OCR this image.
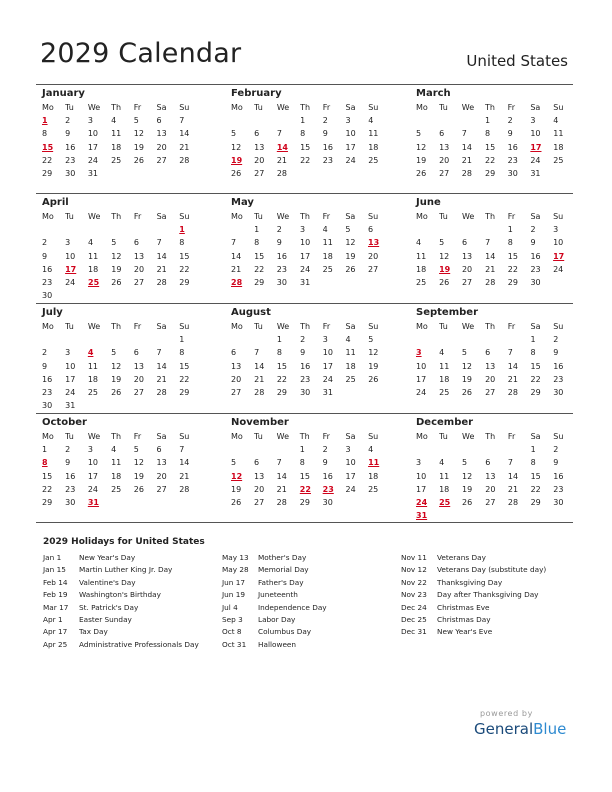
2029 Calendar	United States
January
Mo	Tu	We	Th	Fr	Sa	Su
1	2	3	4	5	6	7
8	9	10	11	12	13	14
15	16	17	18	19	20	21
22	23	24	25	26	27	28
29	30	31				
February
Mo	Tu	We	Th	Fr	Sa	Su
			1	2	3	4
5	6	7	8	9	10	11
12	13	14	15	16	17	18
19	20	21	22	23	24	25
26	27	28				
March
Mo	Tu	We	Th	Fr	Sa	Su
			1	2	3	4
5	6	7	8	9	10	11
12	13	14	15	16	17	18
19	20	21	22	23	24	25
26	27	28	29	30	31	
April
Mo	Tu	We	Th	Fr	Sa	Su
						1
2	3	4	5	6	7	8
9	10	11	12	13	14	15
16	17	18	19	20	21	22
23	24	25	26	27	28	29
30						
May
Mo	Tu	We	Th	Fr	Sa	Su
	1	2	3	4	5	6
7	8	9	10	11	12	13
14	15	16	17	18	19	20
21	22	23	24	25	26	27
28	29	30	31			
June
Mo	Tu	We	Th	Fr	Sa	Su
				1	2	3
4	5	6	7	8	9	10
11	12	13	14	15	16	17
18	19	20	21	22	23	24
25	26	27	28	29	30	
July
Mo	Tu	We	Th	Fr	Sa	Su
						1
2	3	4	5	6	7	8
9	10	11	12	13	14	15
16	17	18	19	20	21	22
23	24	25	26	27	28	29
30	31					
August
Mo	Tu	We	Th	Fr	Sa	Su
		1	2	3	4	5
6	7	8	9	10	11	12
13	14	15	16	17	18	19
20	21	22	23	24	25	26
27	28	29	30	31		
September
Mo	Tu	We	Th	Fr	Sa	Su
					1	2
3	4	5	6	7	8	9
10	11	12	13	14	15	16
17	18	19	20	21	22	23
24	25	26	27	28	29	30
October
Mo	Tu	We	Th	Fr	Sa	Su
1	2	3	4	5	6	7
8	9	10	11	12	13	14
15	16	17	18	19	20	21
22	23	24	25	26	27	28
29	30	31				
November
Mo	Tu	We	Th	Fr	Sa	Su
			1	2	3	4
5	6	7	8	9	10	11
12	13	14	15	16	17	18
19	20	21	22	23	24	25
26	27	28	29	30		
December
Mo	Tu	We	Th	Fr	Sa	Su
					1	2
3	4	5	6	7	8	9
10	11	12	13	14	15	16
17	18	19	20	21	22	23
24	25	26	27	28	29	30
31						
2029 Holidays for United States
Jan 1 New Year's Day
Jan 15 Martin Luther King Jr. Day
Feb 14 Valentine's Day
Feb 19 Washington's Birthday
Mar 17 St. Patrick's Day
Apr 1 Easter Sunday
Apr 17 Tax Day
Apr 25 Administrative Professionals Day
May 13 Mother's Day
May 28 Memorial Day
Jun 17 Father's Day
Jun 19 Juneteenth
Jul 4	Independence Day
Sep 3 Labor Day
Oct 8 Columbus Day
Oct 31 Halloween
Nov 11 Veterans Day
Nov 12 Veterans Day (substitute day)
Nov 22 Thanksgiving Day
Nov 23 Day after Thanksgiving Day
Dec 24 Christmas Eve
Dec 25 Christmas Day
Dec 31 New Year's Eve
powered by
GeneralBlue
